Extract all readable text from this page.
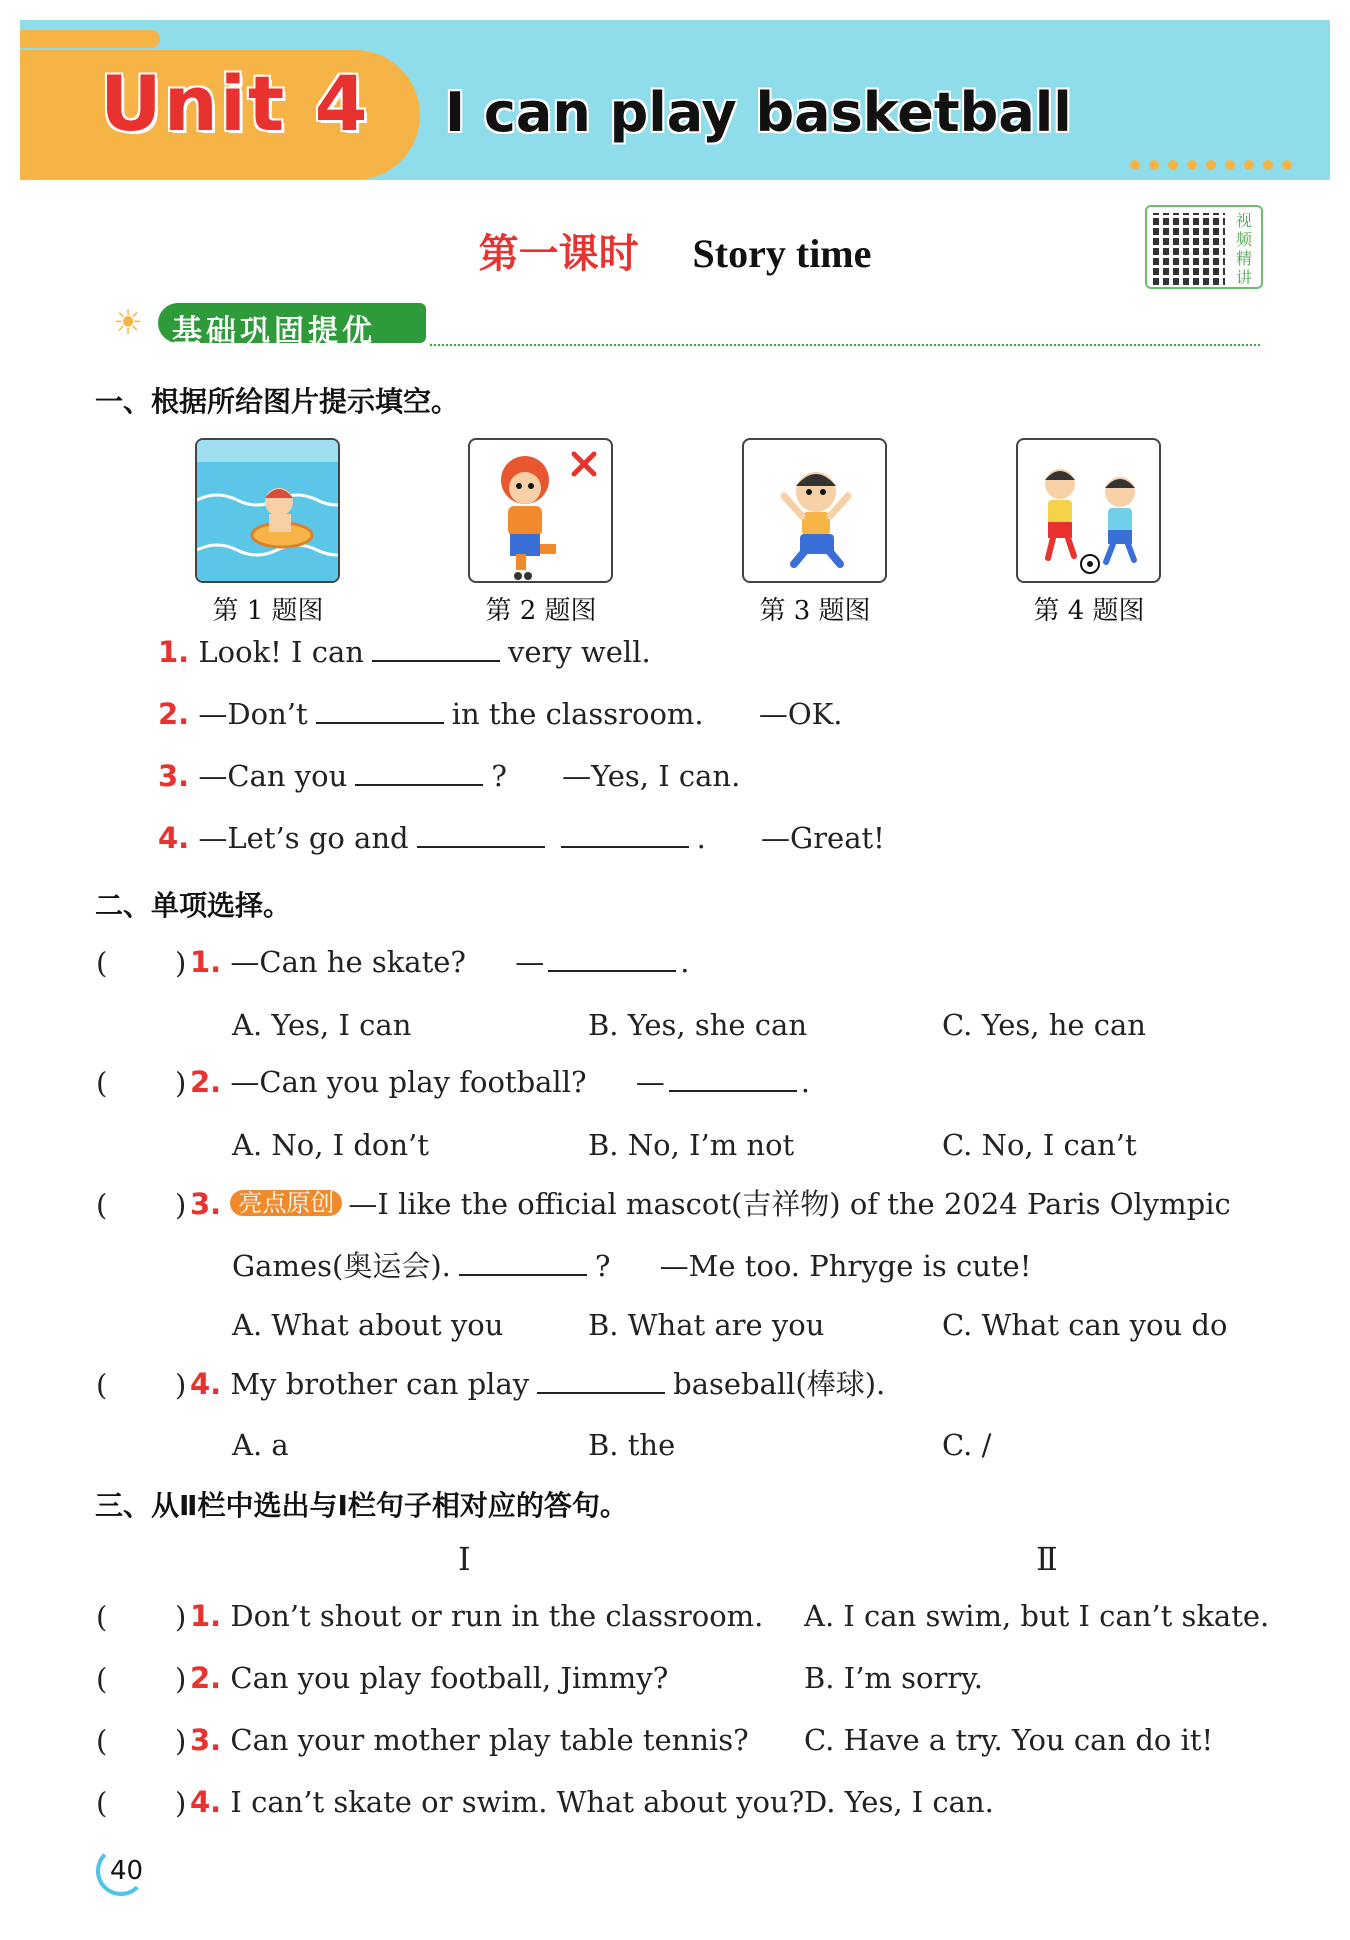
Unit 4 I can play basketball
第一课时 Story time
视频精讲
☀ 基础巩固提优
一、根据所给图片提示填空。
第 1 题图	第 2 题图	第 3 题图	第 4 题图
1. Look! I can	very well.
2. —Don’t	in the classroom. —OK.
3. —Can you	? —Yes, I can.
4. —Let’s go and	. —Great!
二、单项选择。
( ) 1. —Can he skate? —	.
A. Yes, I can	B. Yes, she can	C. Yes, he can
( ) 2. —Can you play football? —	.
A. No, I don’t	B. No, I’m not	C. No, I can’t
( ) 3. 亮点原创 —I like the official mascot(吉祥物) of the 2024 Paris Olympic
Games(奥运会).	? —Me too. Phryge is cute!
A. What about you	B. What are you	C. What can you do
( ) 4. My brother can play	baseball(棒球).
A. a	B. the	C. /
三、从Ⅱ栏中选出与Ⅰ栏句子相对应的答句。
Ⅰ	Ⅱ
( ) 1. Don’t shout or run in the classroom. A. I can swim, but I can’t skate.
( ) 2. Can you play football, Jimmy?	B. I’m sorry.
( ) 3. Can your mother play table tennis? C. Have a try. You can do it!
( ) 4. I can’t skate or swim. What about you? D. Yes, I can.
40
